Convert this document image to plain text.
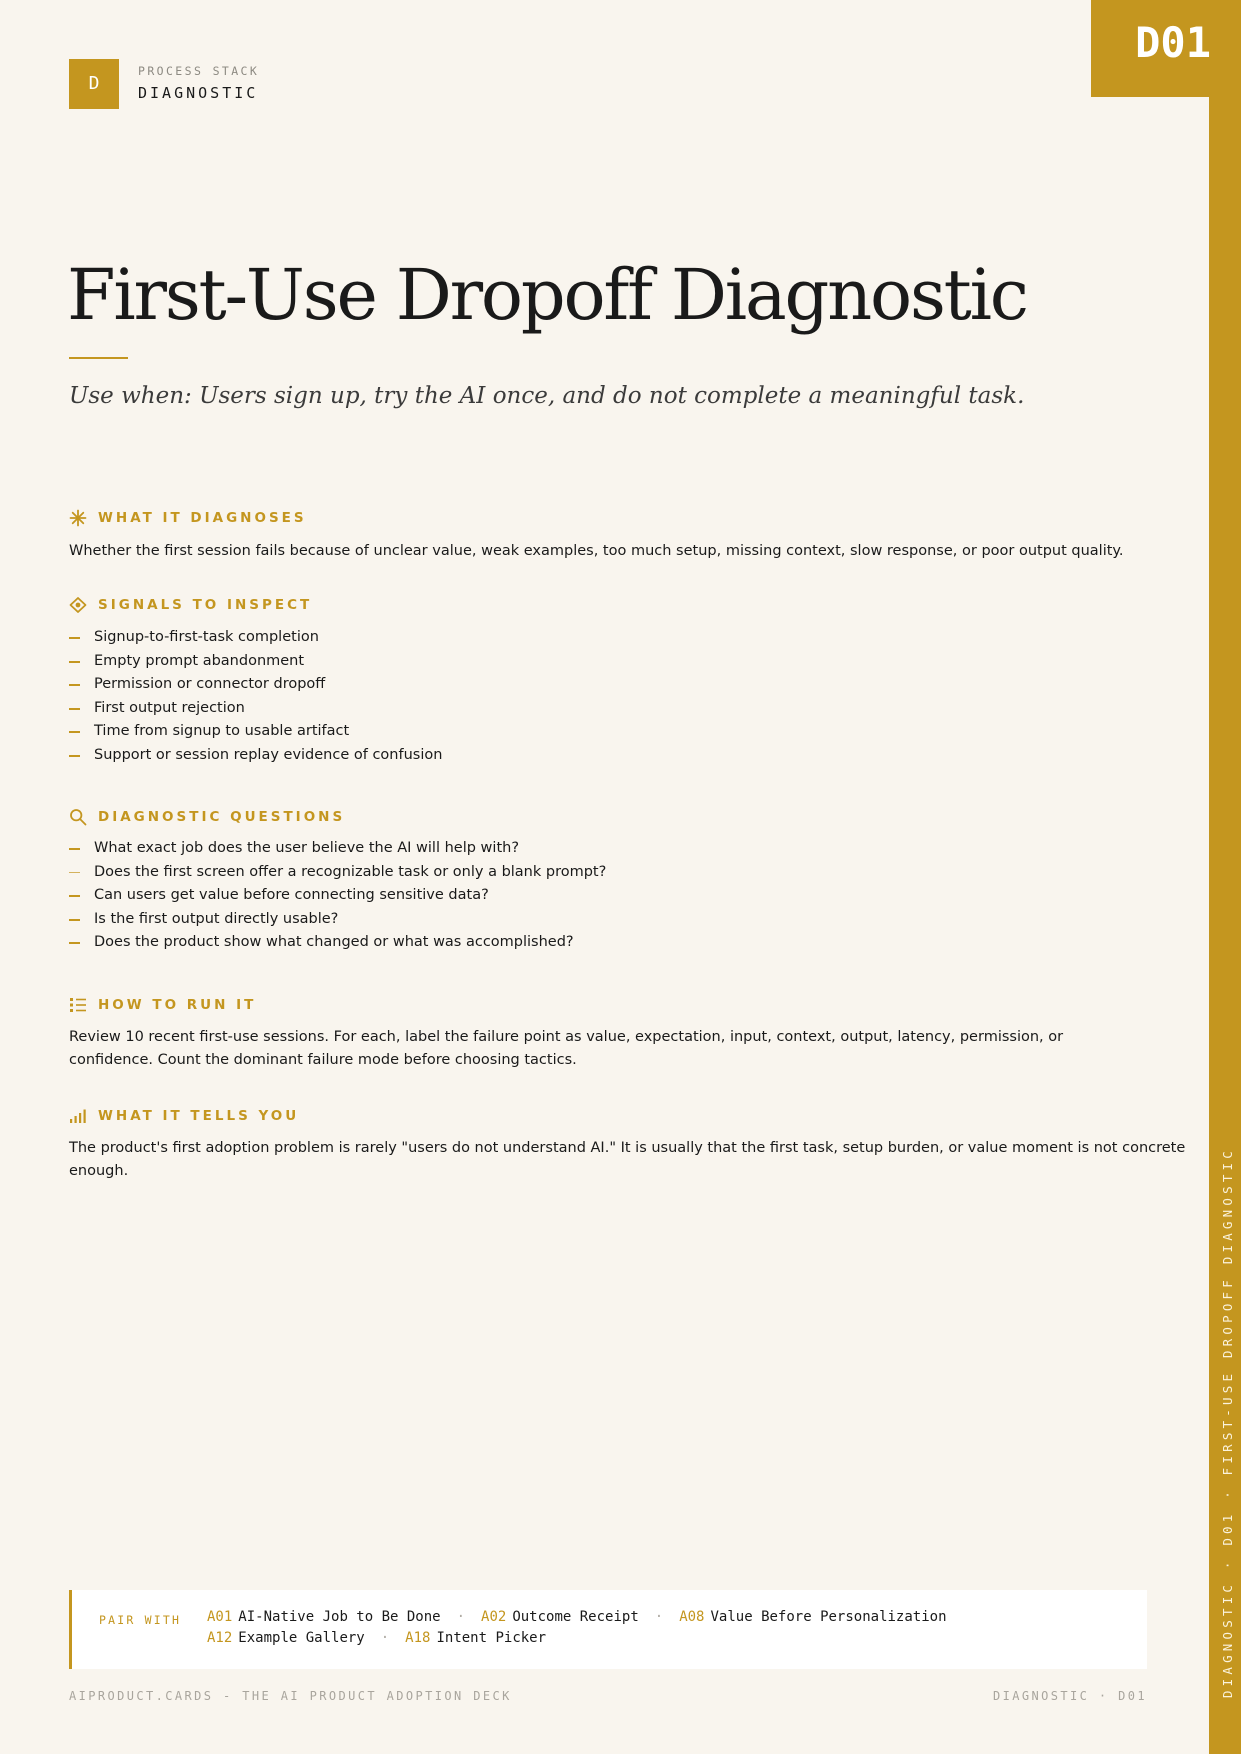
DIAGNOSTIC · D01 · FIRST-USE DROPOFF DIAGNOSTIC
D01
D
PROCESS STACK
DIAGNOSTIC
First-Use Dropoff Diagnostic

Use when: Users sign up, try the AI once, and do not complete a meaningful task.

WHAT IT DIAGNOSES

Whether the first session fails because of unclear value, weak examples, too much setup, missing context, slow response, or poor output quality.

SIGNALS TO INSPECT
Signup-to-first-task completion
Empty prompt abandonment
Permission or connector dropoff
First output rejection
Time from signup to usable artifact
Support or session replay evidence of confusion
DIAGNOSTIC QUESTIONS
What exact job does the user believe the AI will help with?
Does the first screen offer a recognizable task or only a blank prompt?
Can users get value before connecting sensitive data?
Is the first output directly usable?
Does the product show what changed or what was accomplished?
HOW TO RUN IT

Review 10 recent first-use sessions. For each, label the failure point as value, expectation, input, context, output, latency, permission, or confidence. Count the dominant failure mode before choosing tactics.

WHAT IT TELLS YOU

The product's first adoption problem is rarely "users do not understand AI." It is usually that the first task, setup burden, or value moment is not concrete enough.

PAIR WITH A01 AI-Native Job to Be Done · A02 Outcome Receipt · A08 Value Before Personalization
A12 Example Gallery · A18 Intent Picker
AIPRODUCT.CARDS - THE AI PRODUCT ADOPTION DECK	DIAGNOSTIC · D01
